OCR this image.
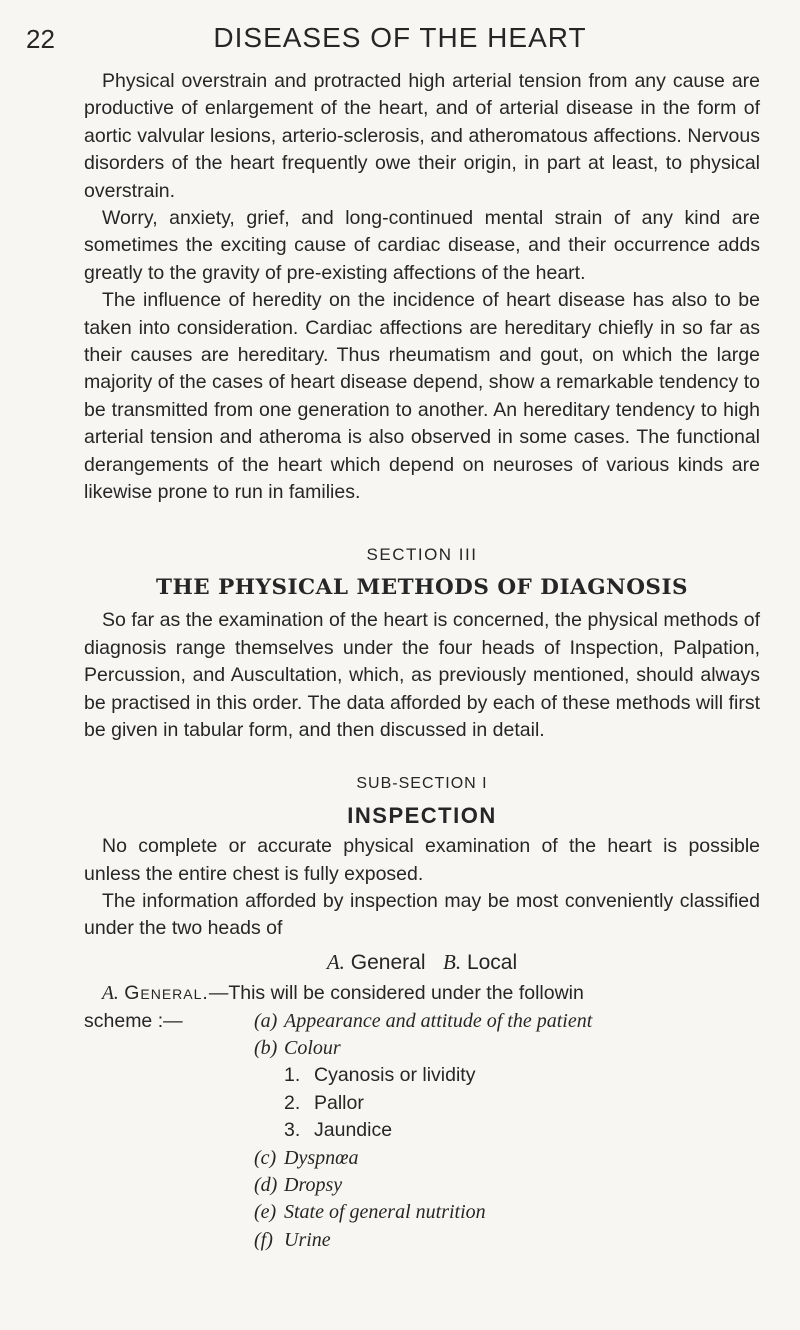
22	DISEASES OF THE HEART

Physical overstrain and protracted high arterial tension from any cause are productive of enlargement of the heart, and of arterial disease in the form of aortic valvular lesions, arterio-sclerosis, and atheromatous affections. Nervous disorders of the heart frequently owe their origin, in part at least, to physical overstrain.

Worry, anxiety, grief, and long-continued mental strain of any kind are sometimes the exciting cause of cardiac disease, and their occurrence adds greatly to the gravity of pre-existing affections of the heart.

The influence of heredity on the incidence of heart disease has also to be taken into consideration. Cardiac affections are hereditary chiefly in so far as their causes are hereditary. Thus rheumatism and gout, on which the large majority of the cases of heart disease depend, show a remarkable tendency to be transmitted from one generation to another. An hereditary tendency to high arterial tension and atheroma is also observed in some cases. The functional derangements of the heart which depend on neuroses of various kinds are likewise prone to run in families.

SECTION III
THE PHYSICAL METHODS OF DIAGNOSIS

So far as the examination of the heart is concerned, the physical methods of diagnosis range themselves under the four heads of Inspection, Palpation, Percussion, and Auscultation, which, as previously mentioned, should always be practised in this order. The data afforded by each of these methods will first be given in tabular form, and then discussed in detail.

SUB-SECTION I
INSPECTION

No complete or accurate physical examination of the heart is possible unless the entire chest is fully exposed.

The information afforded by inspection may be most conveniently classified under the two heads of

A. General B. Local

A. General.—This will be considered under the followin

scheme :—	(a) Appearance and attitude of the patient
(b) Colour
1. Cyanosis or lividity
2. Pallor
3. Jaundice
(c) Dyspnœa
(d) Dropsy
(e) State of general nutrition
(f) Urine
